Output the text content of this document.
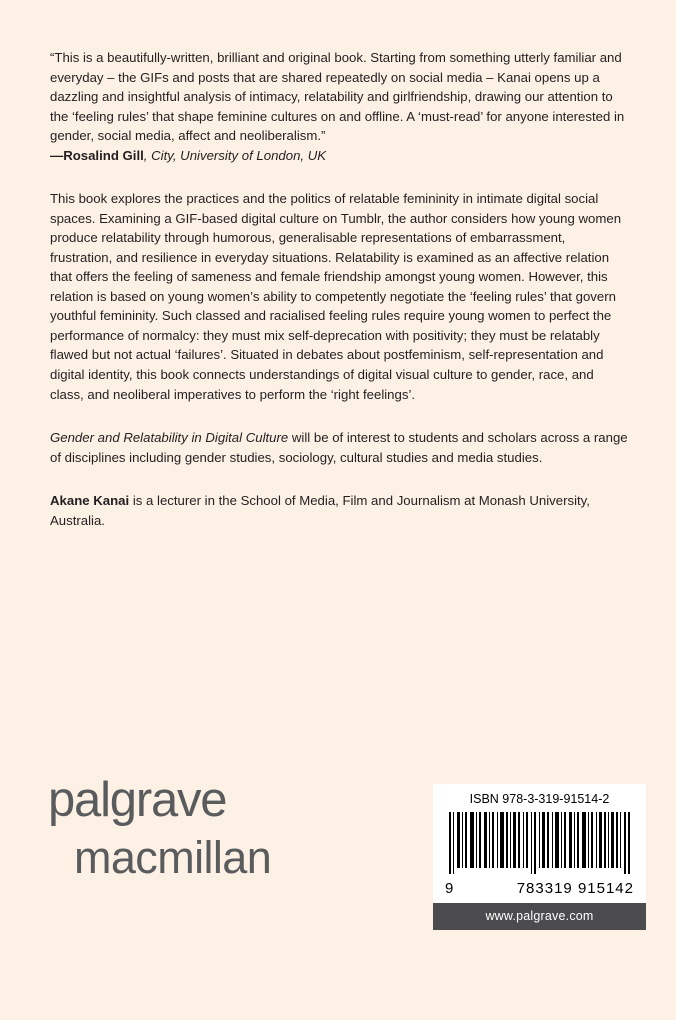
“This is a beautifully-written, brilliant and original book. Starting from something utterly familiar and everyday – the GIFs and posts that are shared repeatedly on social media – Kanai opens up a dazzling and insightful analysis of intimacy, relatability and girlfriendship, drawing our attention to the ‘feeling rules’ that shape feminine cultures on and offline. A ‘must-read’ for anyone interested in gender, social media, affect and neoliberalism.”
—Rosalind Gill, City, University of London, UK

This book explores the practices and the politics of relatable femininity in intimate digital social spaces. Examining a GIF-based digital culture on Tumblr, the author considers how young women produce relatability through humorous, generalisable representations of embarrassment, frustration, and resilience in everyday situations. Relatability is examined as an affective relation that offers the feeling of sameness and female friendship amongst young women. However, this relation is based on young women’s ability to competently negotiate the ‘feeling rules’ that govern youthful femininity. Such classed and racialised feeling rules require young women to perfect the performance of normalcy: they must mix self-deprecation with positivity; they must be relatably flawed but not actual ‘failures’. Situated in debates about postfeminism, self-representation and digital identity, this book connects understandings of digital visual culture to gender, race, and class, and neoliberal imperatives to perform the ‘right feelings’.

Gender and Relatability in Digital Culture will be of interest to students and scholars across a range of disciplines including gender studies, sociology, cultural studies and media studies.

Akane Kanai is a lecturer in the School of Media, Film and Journalism at Monash University, Australia.

palgrave
macmillan
ISBN 978-3-319-91514-2
9	783319 915142
www.palgrave.com
